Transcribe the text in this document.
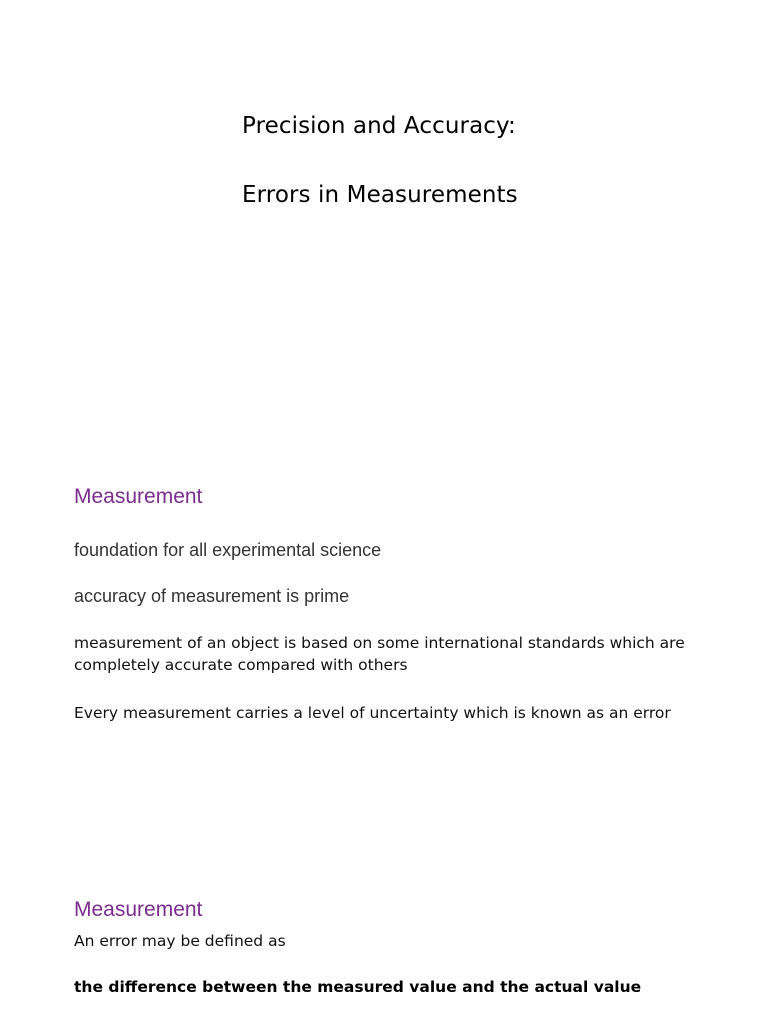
Precision and Accuracy:
Errors in Measurements
Measurement
foundation for all experimental science
accuracy of measurement is prime
measurement of an object is based on some international standards which are completely accurate compared with others
Every measurement carries a level of uncertainty which is known as an error
Measurement
An error may be defined as
the difference between the measured value and the actual value
